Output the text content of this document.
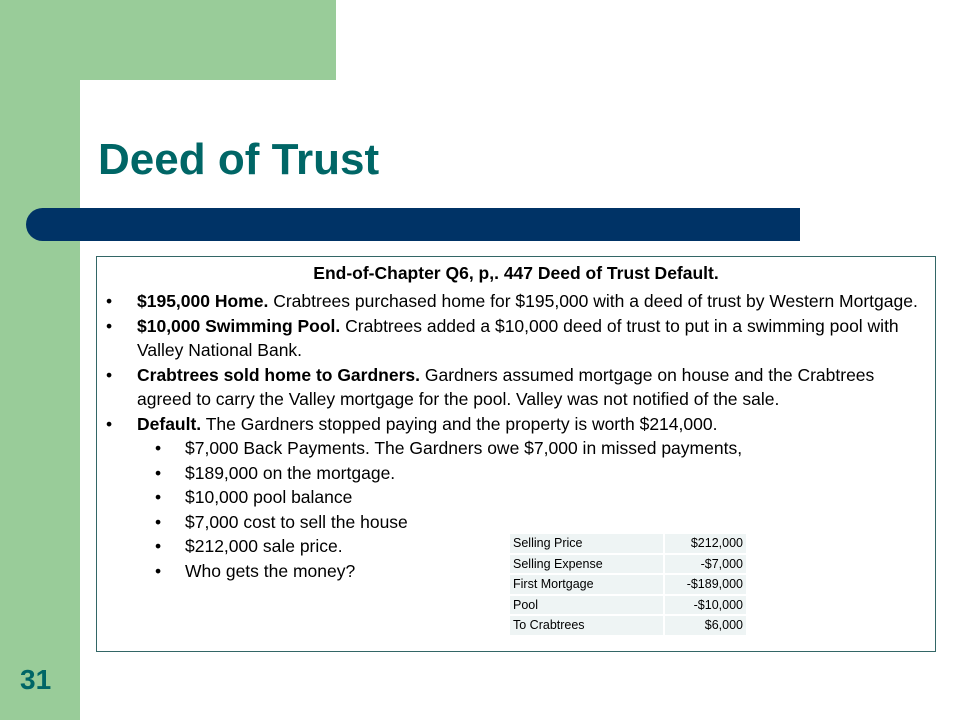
Deed of Trust
End-of-Chapter Q6, p,. 447 Deed of Trust Default.
• $195,000 Home. Crabtrees purchased home for $195,000 with a deed of trust by Western Mortgage.
• $10,000 Swimming Pool. Crabtrees added a $10,000 deed of trust to put in a swimming pool with Valley National Bank.
• Crabtrees sold home to Gardners. Gardners assumed mortgage on house and the Crabtrees agreed to carry the Valley mortgage for the pool. Valley was not notified of the sale.
• Default. The Gardners stopped paying and the property is worth $214,000.
• $7,000 Back Payments. The Gardners owe $7,000 in missed payments,
• $189,000 on the mortgage.
• $10,000 pool balance
• $7,000 cost to sell the house
• $212,000 sale price.
• Who gets the money?
Selling Price	$212,000
Selling Expense	-$7,000
First Mortgage	-$189,000
Pool	-$10,000
To Crabtrees	$6,000
31
